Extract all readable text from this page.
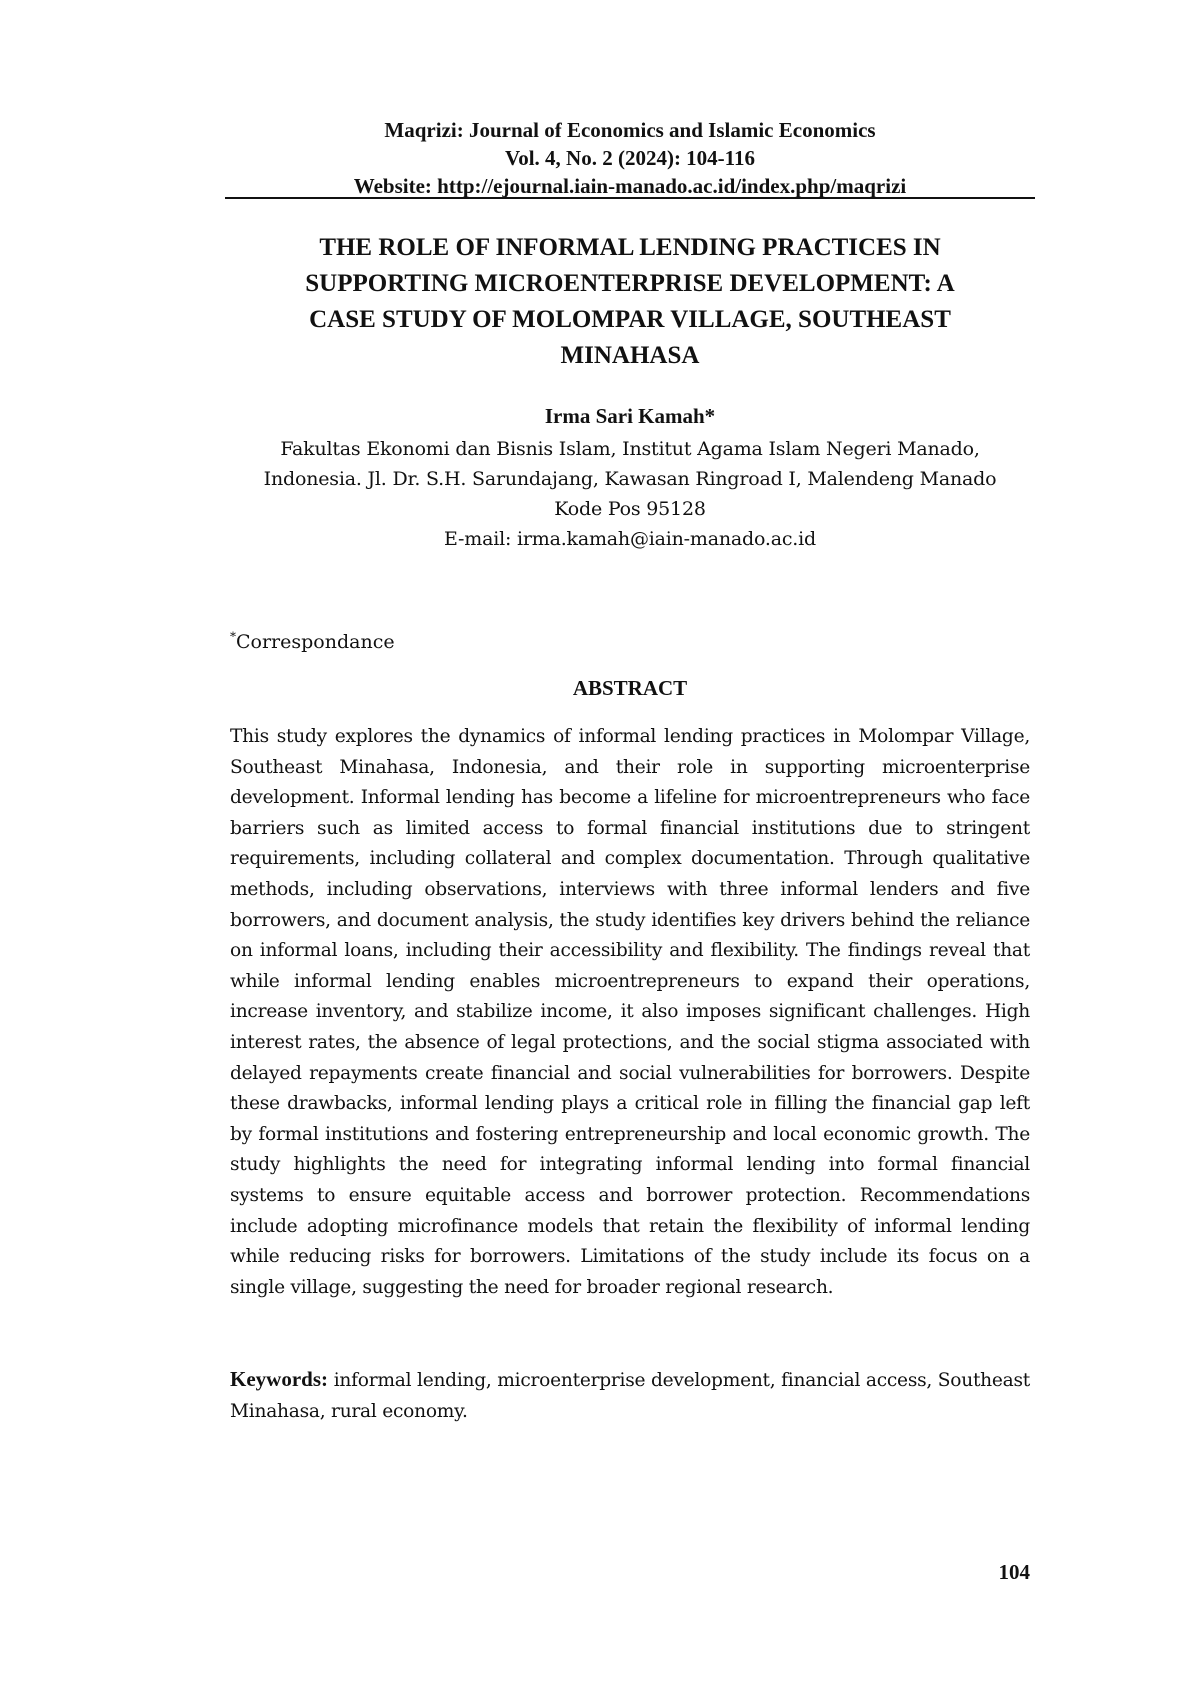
Maqrizi: Journal of Economics and Islamic Economics
Vol. 4, No. 2 (2024): 104-116
Website: http://ejournal.iain-manado.ac.id/index.php/maqrizi
THE ROLE OF INFORMAL LENDING PRACTICES IN
SUPPORTING MICROENTERPRISE DEVELOPMENT: A
CASE STUDY OF MOLOMPAR VILLAGE, SOUTHEAST
MINAHASA
Irma Sari Kamah*
Fakultas Ekonomi dan Bisnis Islam, Institut Agama Islam Negeri Manado,
Indonesia. Jl. Dr. S.H. Sarundajang, Kawasan Ringroad I, Malendeng Manado
Kode Pos 95128
E-mail: irma.kamah@iain-manado.ac.id
*Correspondance
ABSTRACT

This study explores the dynamics of informal lending practices in Molompar Village, Southeast Minahasa, Indonesia, and their role in supporting microenterprise development. Informal lending has become a lifeline for microentrepreneurs who face barriers such as limited access to formal financial institutions due to stringent requirements, including collateral and complex documentation. Through qualitative methods, including observations, interviews with three informal lenders and five borrowers, and document analysis, the study identifies key drivers behind the reliance on informal loans, including their accessibility and flexibility. The findings reveal that while informal lending enables microentrepreneurs to expand their operations, increase inventory, and stabilize income, it also imposes significant challenges. High interest rates, the absence of legal protections, and the social stigma associated with delayed repayments create financial and social vulnerabilities for borrowers. Despite these drawbacks, informal lending plays a critical role in filling the financial gap left by formal institutions and fostering entrepreneurship and local economic growth. The study highlights the need for integrating informal lending into formal financial systems to ensure equitable access and borrower protection. Recommendations include adopting microfinance models that retain the flexibility of informal lending while reducing risks for borrowers. Limitations of the study include its focus on a single village, suggesting the need for broader regional research.

Keywords: informal lending, microenterprise development, financial access, Southeast Minahasa, rural economy.

104
